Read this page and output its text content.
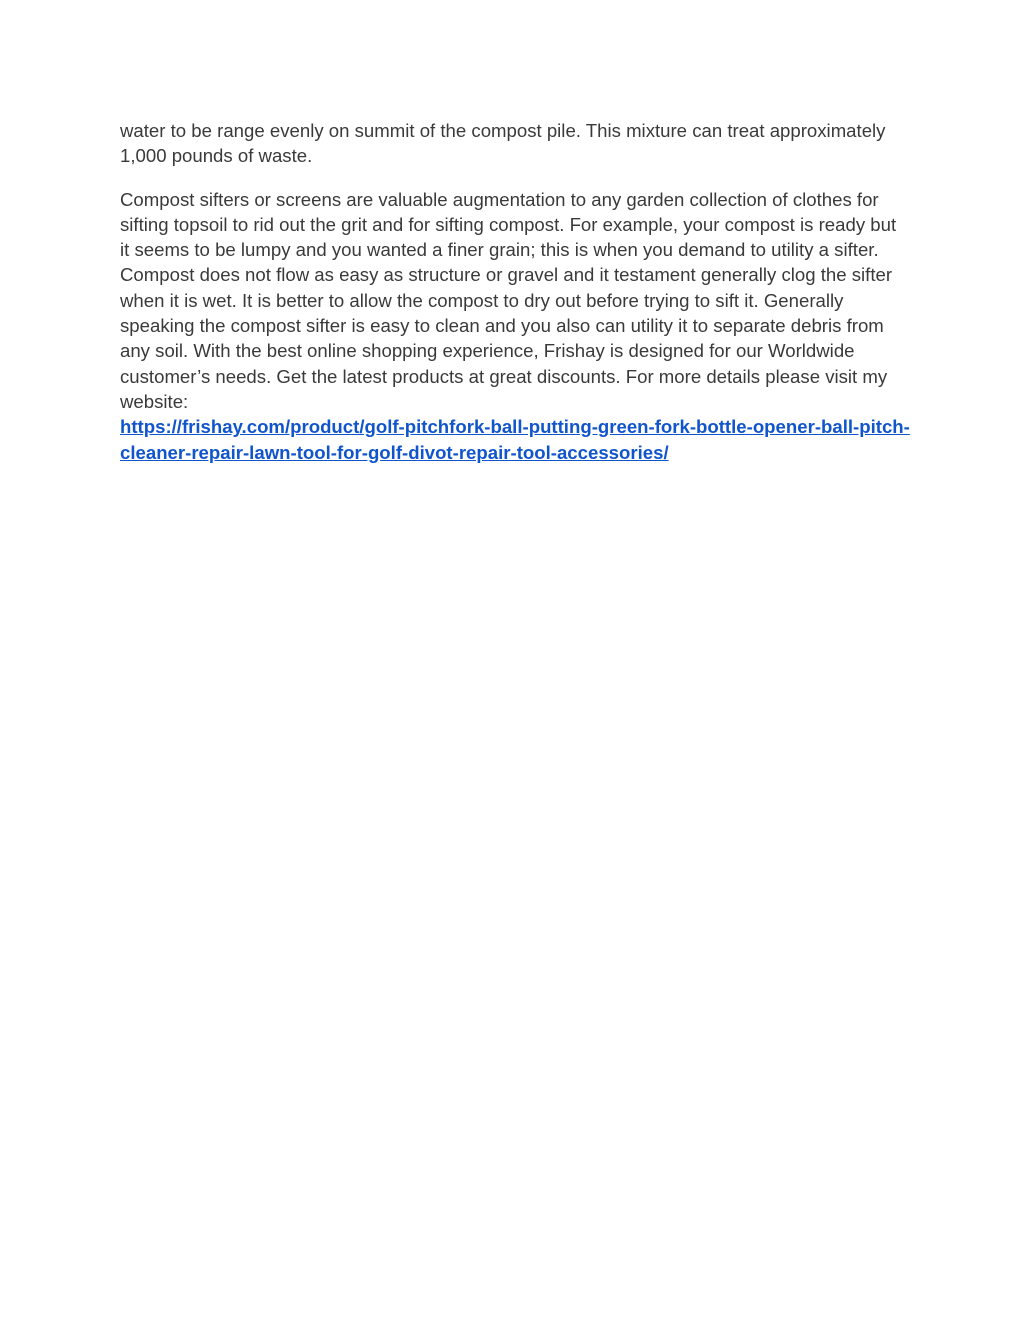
water to be range evenly on summit of the compost pile. This mixture can treat approximately 1,000 pounds of waste.

Compost sifters or screens are valuable augmentation to any garden collection of clothes for sifting topsoil to rid out the grit and for sifting compost. For example, your compost is ready but it seems to be lumpy and you wanted a finer grain; this is when you demand to utility a sifter. Compost does not flow as easy as structure or gravel and it testament generally clog the sifter when it is wet. It is better to allow the compost to dry out before trying to sift it. Generally speaking the compost sifter is easy to clean and you also can utility it to separate debris from any soil. With the best online shopping experience, Frishay is designed for our Worldwide customer’s needs. Get the latest products at great discounts. For more details please visit my website:
https://frishay.com/product/golf-pitchfork-ball-putting-green-fork-bottle-opener-ball-pitch-cleaner-repair-lawn-tool-for-golf-divot-repair-tool-accessories/
